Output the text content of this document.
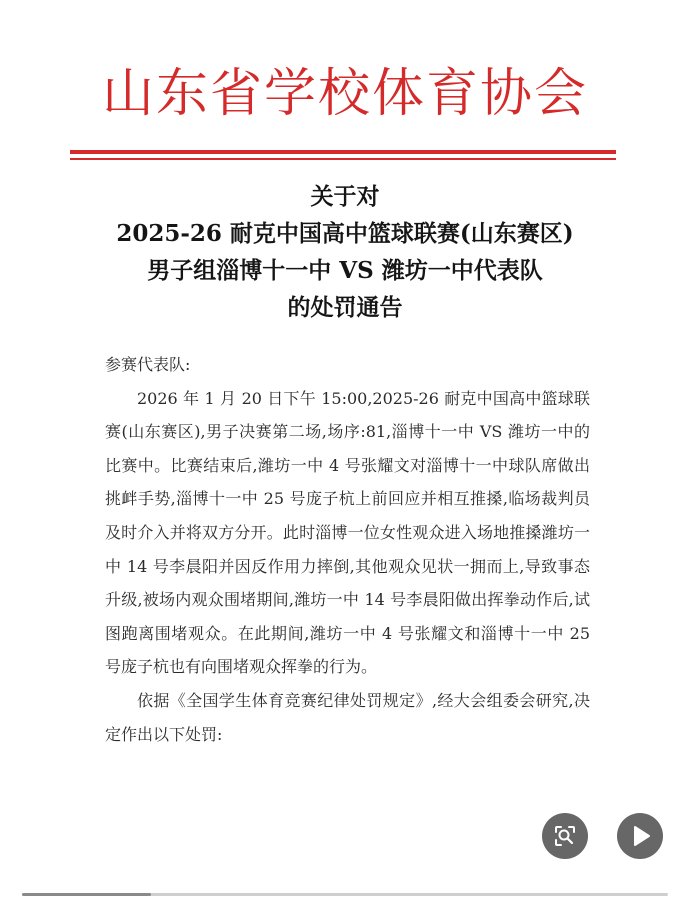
山东省学校体育协会
关于对
2025-26 耐克中国高中篮球联赛(山东赛区)
男子组淄博十一中 VS 潍坊一中代表队
的处罚通告

参赛代表队:

2026 年 1 月 20 日下午 15:00,2025-26 耐克中国高中篮球联赛(山东赛区),男子决赛第二场,场序:81,淄博十一中 VS 潍坊一中的比赛中。比赛结束后,潍坊一中 4 号张耀文对淄博十一中球队席做出挑衅手势,淄博十一中 25 号庞子杭上前回应并相互推搡,临场裁判员及时介入并将双方分开。此时淄博一位女性观众进入场地推搡潍坊一中 14 号李晨阳并因反作用力摔倒,其他观众见状一拥而上,导致事态升级,被场内观众围堵期间,潍坊一中 14 号李晨阳做出挥拳动作后,试图跑离围堵观众。在此期间,潍坊一中 4 号张耀文和淄博十一中 25 号庞子杭也有向围堵观众挥拳的行为。

依据《全国学生体育竞赛纪律处罚规定》,经大会组委会研究,决定作出以下处罚:
